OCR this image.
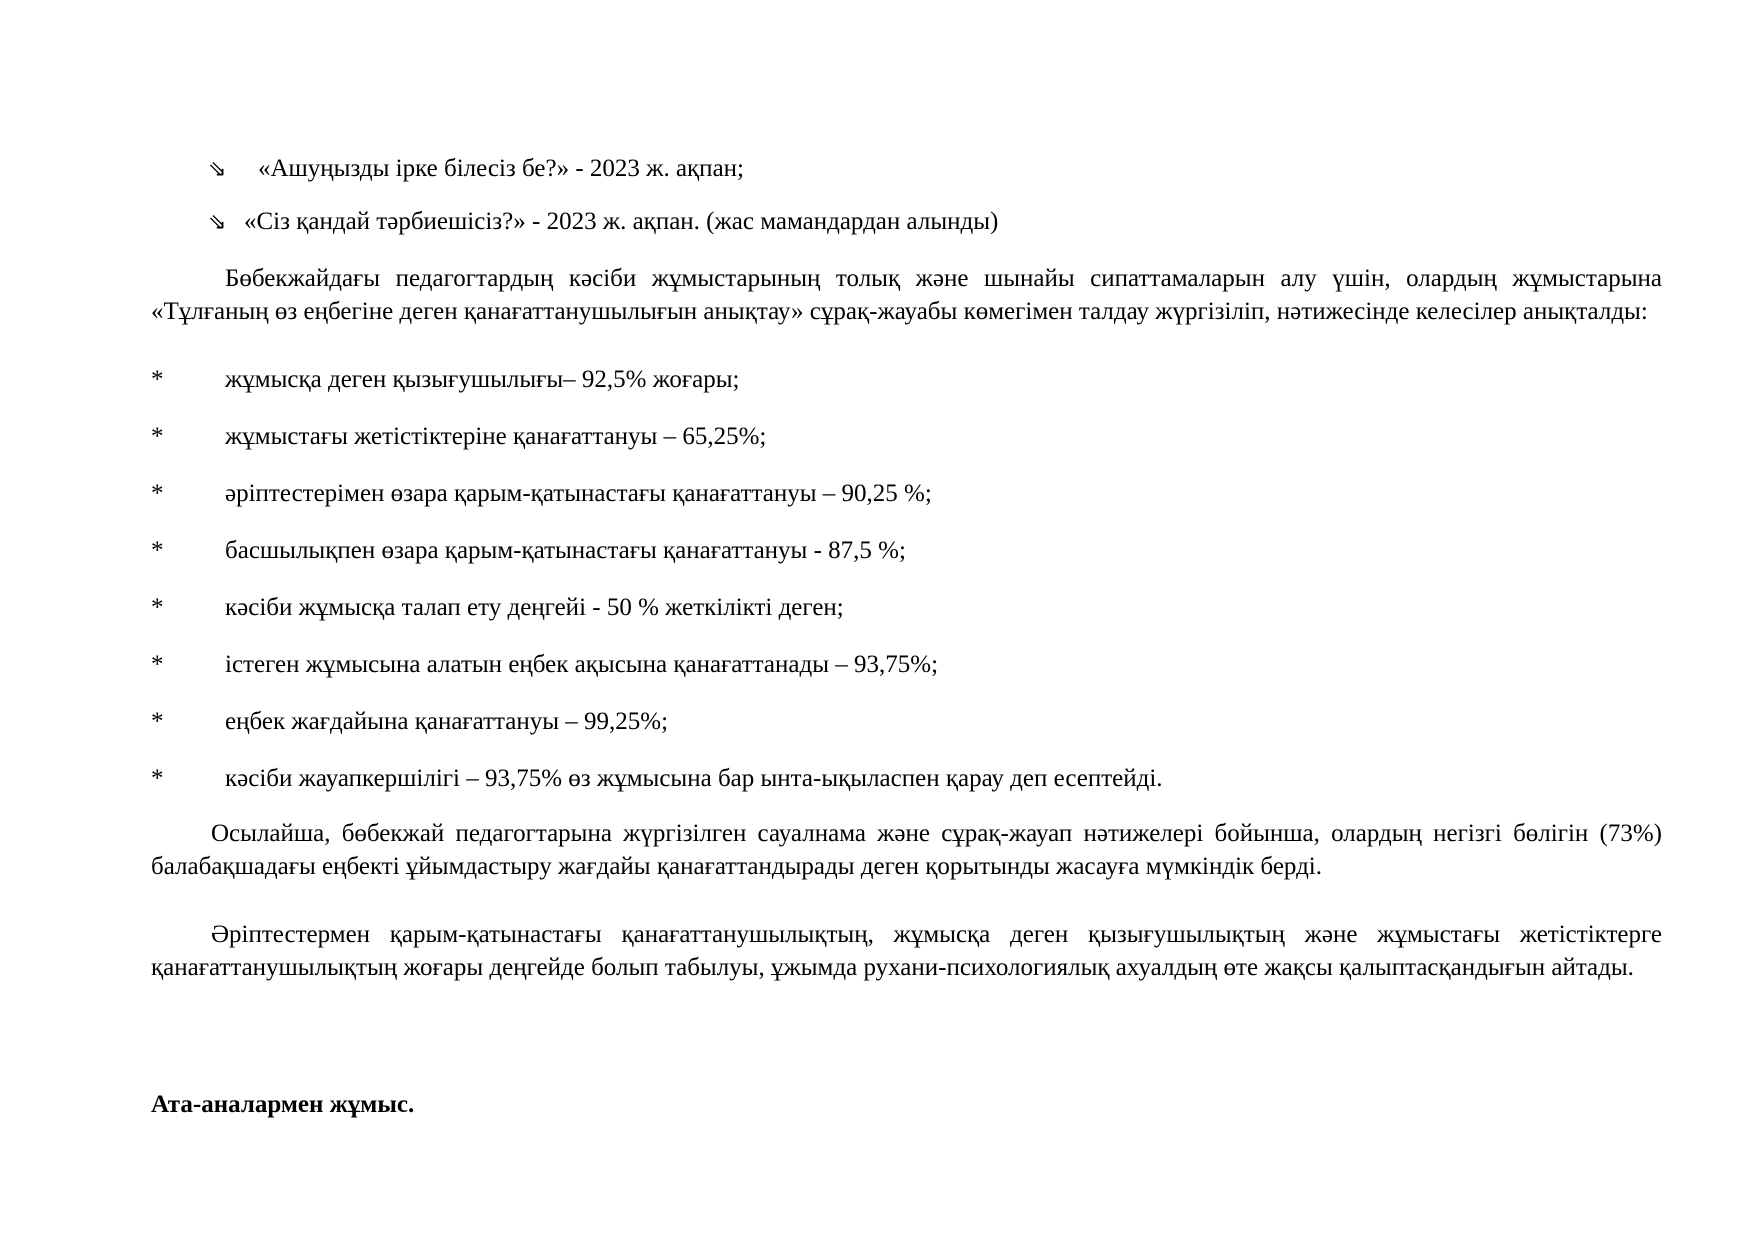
⇘ «Ашуңызды ірке білесіз бе?» - 2023 ж. ақпан;
⇘ «Сіз қандай тәрбиешісіз?» - 2023 ж. ақпан. (жас мамандардан алынды)

Бөбекжайдағы педагогтардың кәсіби жұмыстарының толық және шынайы сипаттамаларын алу үшін, олардың жұмыстарына «Тұлғаның өз еңбегіне деген қанағаттанушылығын анықтау» сұрақ-жауабы көмегімен талдау жүргізіліп, нәтижесінде келесілер анықталды:

* жұмысқа деген қызығушылығы– 92,5% жоғары;
* жұмыстағы жетістіктеріне қанағаттануы – 65,25%;
* әріптестерімен өзара қарым-қатынастағы қанағаттануы – 90,25 %;
* басшылықпен өзара қарым-қатынастағы қанағаттануы - 87,5 %;
* кәсіби жұмысқа талап ету деңгейі - 50 % жеткілікті деген;
* істеген жұмысына алатын еңбек ақысына қанағаттанады – 93,75%;
* еңбек жағдайына қанағаттануы – 99,25%;
* кәсіби жауапкершілігі – 93,75% өз жұмысына бар ынта-ықыласпен қарау деп есептейді.

Осылайша, бөбекжай педагогтарына жүргізілген сауалнама және сұрақ-жауап нәтижелері бойынша, олардың негізгі бөлігін (73%) балабақшадағы еңбекті ұйымдастыру жағдайы қанағаттандырады деген қорытынды жасауға мүмкіндік берді.

Әріптестермен қарым-қатынастағы қанағаттанушылықтың, жұмысқа деген қызығушылықтың және жұмыстағы жетістіктерге қанағаттанушылықтың жоғары деңгейде болып табылуы, ұжымда рухани-психологиялық ахуалдың өте жақсы қалыптасқандығын айтады.

Ата-аналармен жұмыс.
